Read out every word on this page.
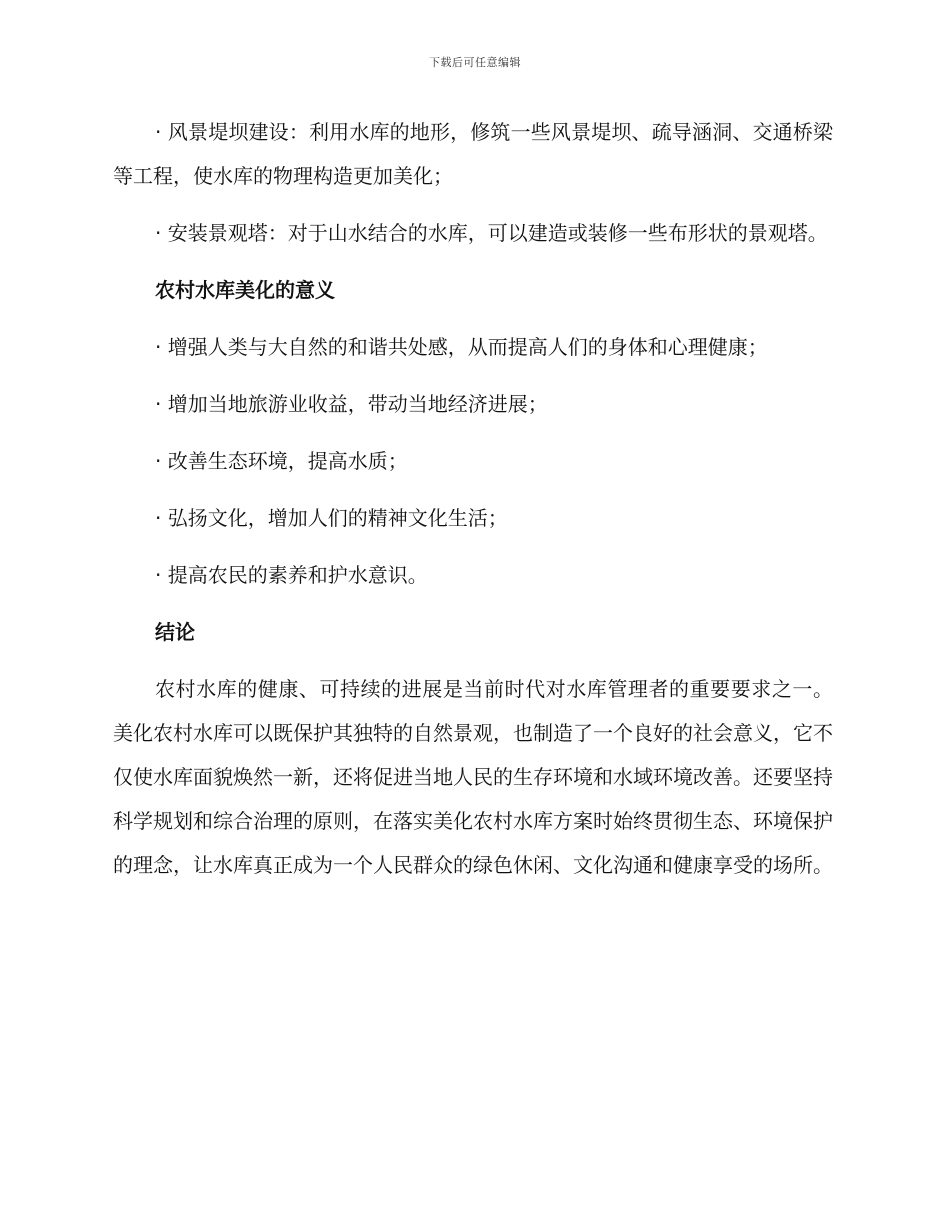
下载后可任意编辑
· 风景堤坝建设：利用水库的地形，修筑一些风景堤坝、疏导涵洞、交通桥梁等工程，使水库的物理构造更加美化；
· 安装景观塔：对于山水结合的水库，可以建造或装修一些布形状的景观塔。
农村水库美化的意义
· 增强人类与大自然的和谐共处感，从而提高人们的身体和心理健康；
· 增加当地旅游业收益，带动当地经济进展；
· 改善生态环境，提高水质；
· 弘扬文化，增加人们的精神文化生活；
· 提高农民的素养和护水意识。
结论

农村水库的健康、可持续的进展是当前时代对水库管理者的重要要求之一。美化农村水库可以既保护其独特的自然景观，也制造了一个良好的社会意义，它不仅使水库面貌焕然一新，还将促进当地人民的生存环境和水域环境改善。还要坚持科学规划和综合治理的原则，在落实美化农村水库方案时始终贯彻生态、环境保护的理念，让水库真正成为一个人民群众的绿色休闲、文化沟通和健康享受的场所。
